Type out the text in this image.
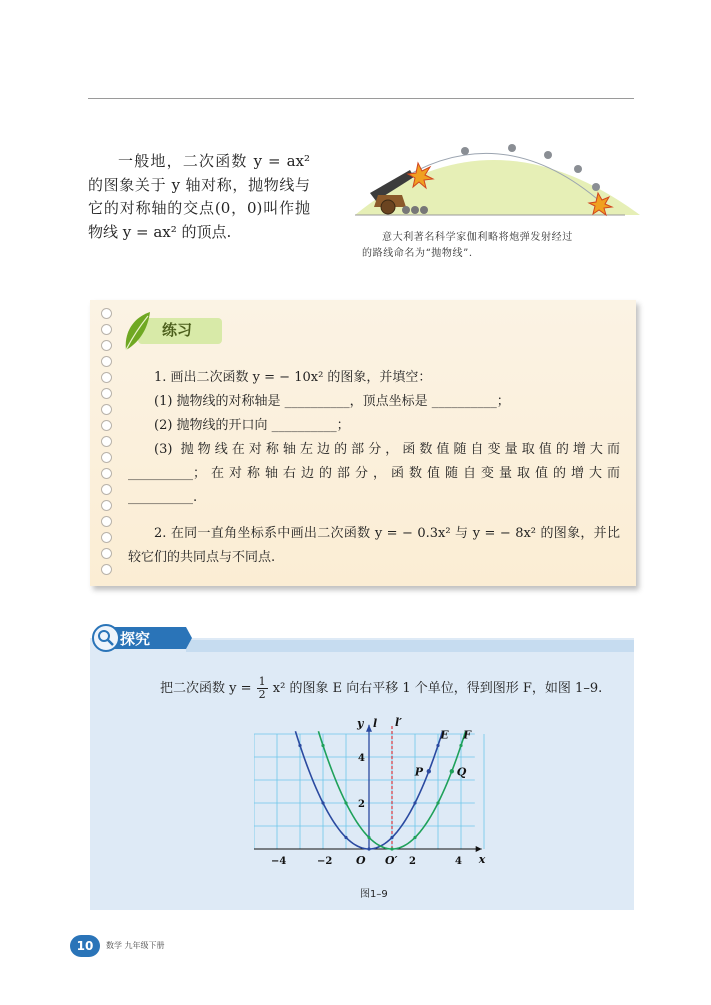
一般地，二次函数 y = ax² 的图象关于 y 轴对称，抛物线与它的对称轴的交点(0，0)叫作抛物线 y = ax² 的顶点.	意大利著名科学家伽利略将炮弹发射经过
的路线命名为“抛物线”.
练习

1. 画出二次函数 y = − 10x² 的图象，并填空：

(1) 抛物线的对称轴是 __________，顶点坐标是 __________；

(2) 抛物线的开口向 __________；

(3) 抛物线在对称轴左边的部分，函数值随自变量取值的增大而

__________；在对称轴右边的部分，函数值随自变量取值的增大而

__________.

2. 在同一直角坐标系中画出二次函数 y = − 0.3x² 与 y = − 8x² 的图象，并比

较它们的共同点与不同点.

探究
把二次函数 $y = \frac{1}{2} x^2$ 的图象 E 向右平移 1 个单位，得到图形 F，如图 1–9.
−4	−2	2	4
2
4
O O′	x
y l l′
E F
P	Q
图1–9
10	数学 九年级下册
